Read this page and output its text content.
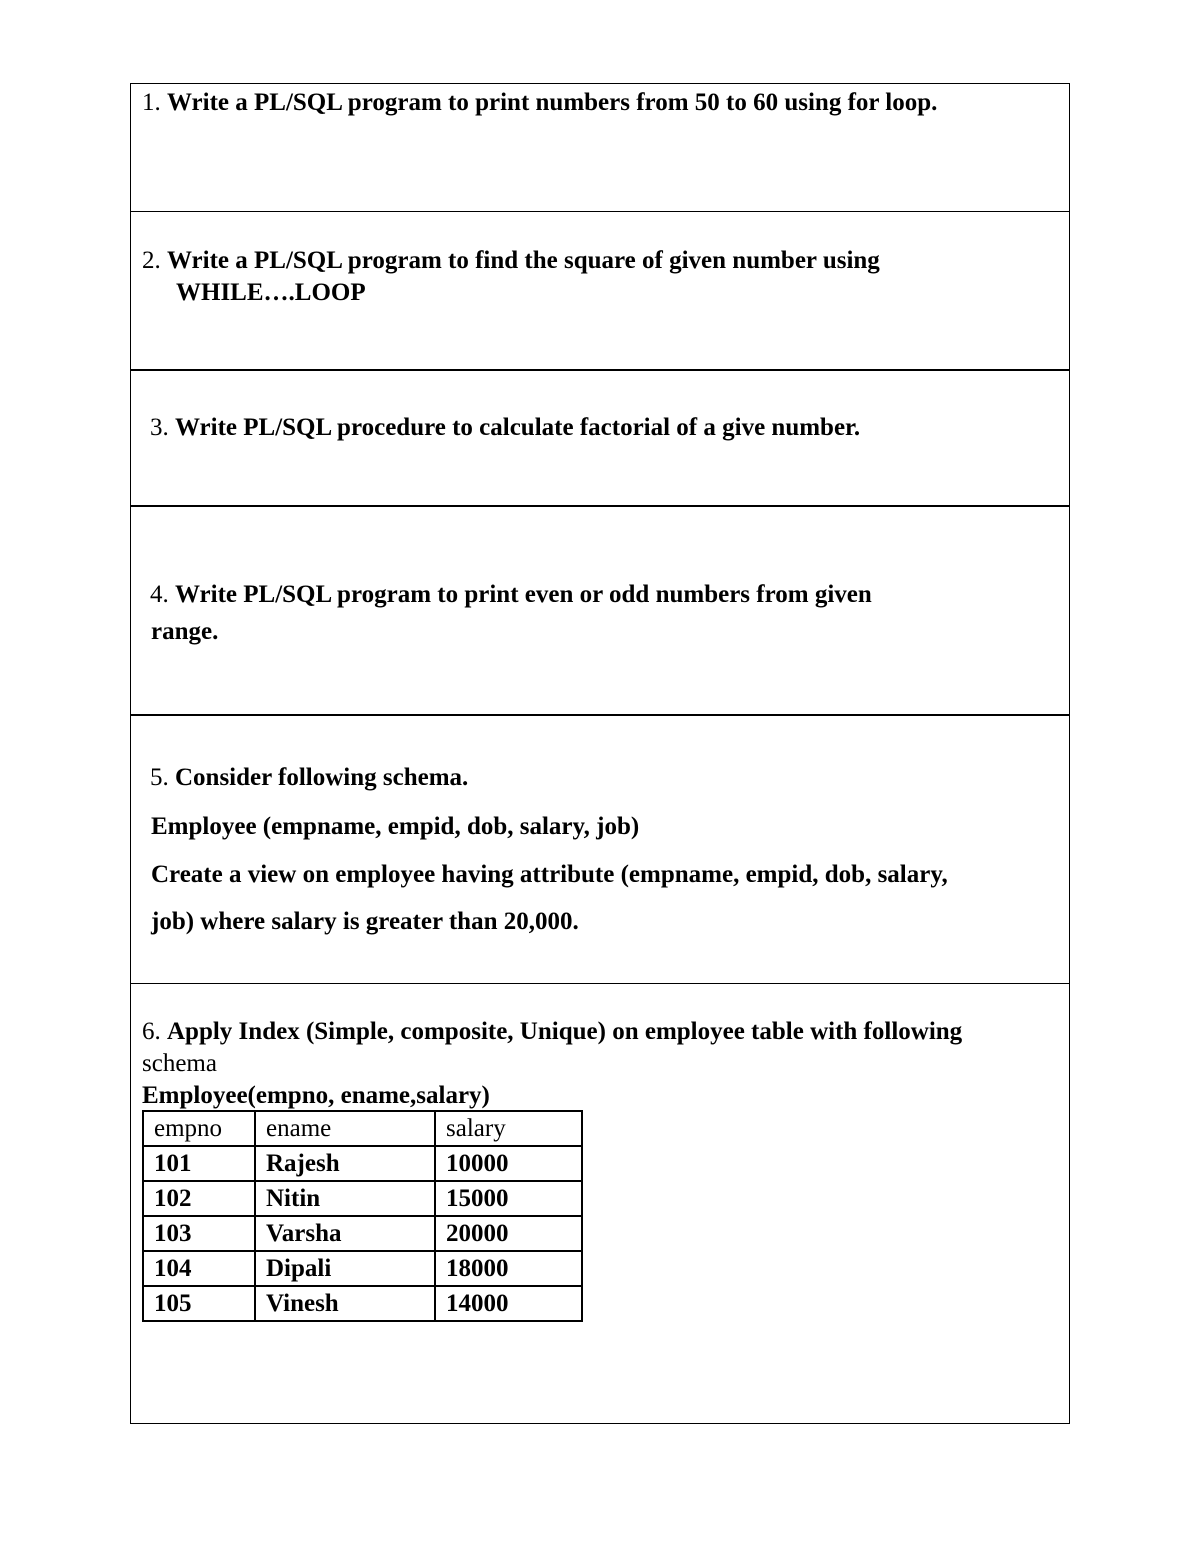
1. Write a PL/SQL program to print numbers from 50 to 60 using for loop.
2. Write a PL/SQL program to find the square of given number using
WHILE….LOOP
3. Write PL/SQL procedure to calculate factorial of a give number.
4. Write PL/SQL program to print even or odd numbers from given
range.
5. Consider following schema.
Employee (empname, empid, dob, salary, job)
Create a view on employee having attribute (empname, empid, dob, salary,
job) where salary is greater than 20,000.
6. Apply Index (Simple, composite, Unique) on employee table with following
schema
Employee(empno, ename,salary)
empno	ename	salary
101	Rajesh	10000
102	Nitin	15000
103	Varsha	20000
104	Dipali	18000
105	Vinesh	14000
